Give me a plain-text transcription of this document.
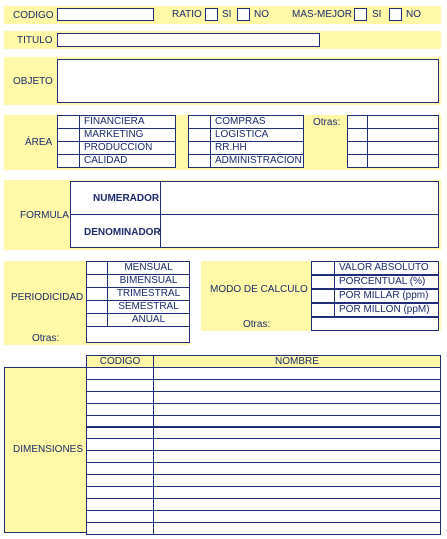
CODIGO	RATIO SI NO MAS-MEJOR SI NO
TITULO
OBJETO
ÁREA
FINANCIERA
MARKETING
PRODUCCION
CALIDAD
COMPRAS
LOGISTICA
RR.HH
ADMINISTRACION
Otras:
FORMULA
NUMERADOR
DENOMINADOR
PERIODICIDAD
Otras:
MENSUAL
BIMENSUAL
TRIMESTRAL
SEMESTRAL
ANUAL
MODO DE CALCULO
Otras:
VALOR ABSOLUTO
PORCENTUAL (%)
POR MILLAR (ppm)
POR MILLON (ppM)
CODIGO	NOMBRE
DIMENSIONES
